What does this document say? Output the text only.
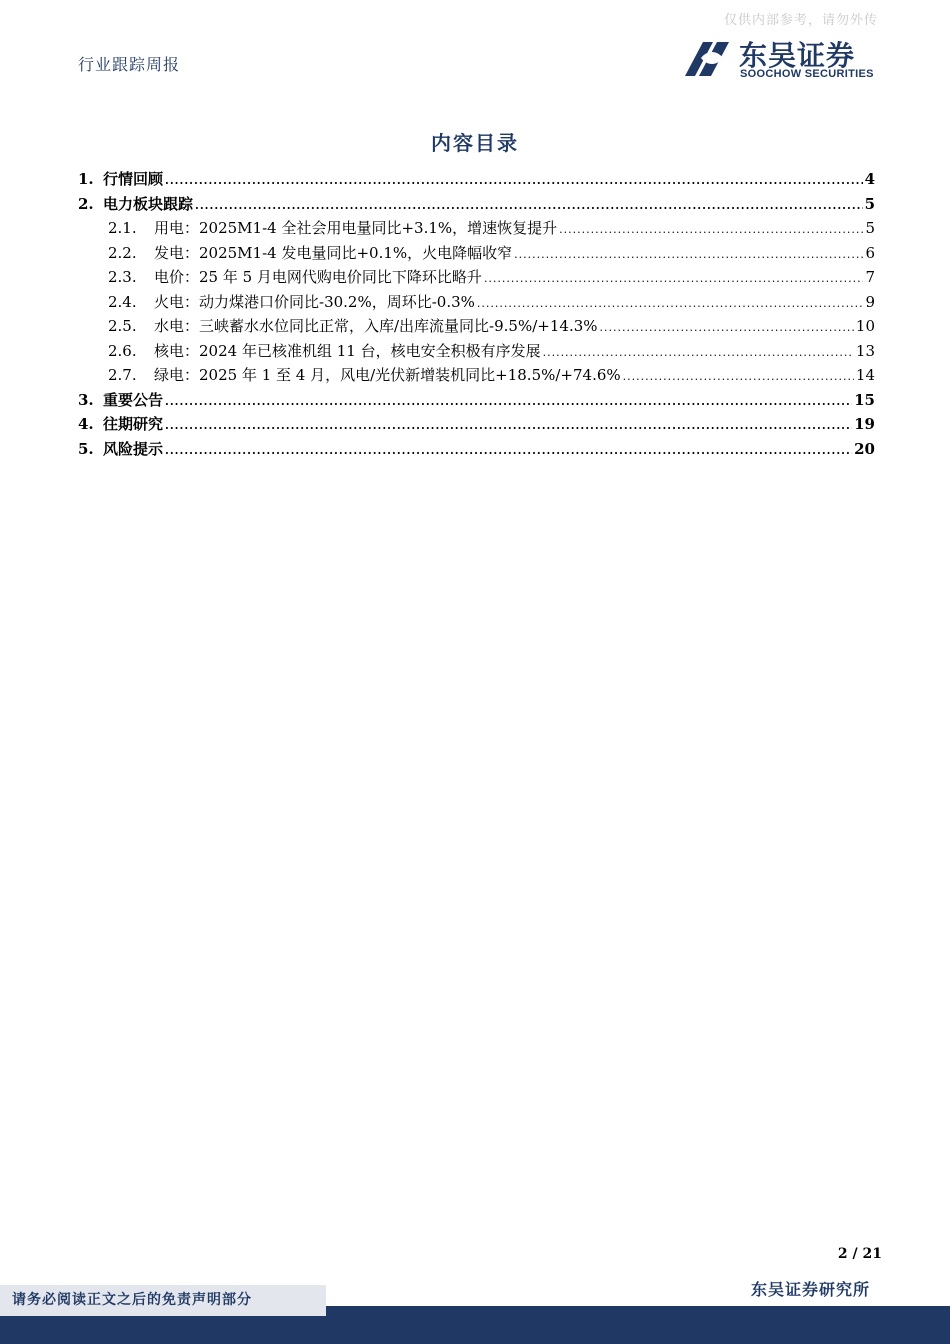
仅供内部参考，请勿外传
行业跟踪周报	东吴证券
SOOCHOW SECURITIES
内容目录
1. 行情回顾 .....	4
2. 电力板块跟踪 .....	5
2.1.	用电：2025M1-4 全社会用电量同比+3.1%，增速恢复提升 .....	5
2.2.	发电：2025M1-4 发电量同比+0.1%，火电降幅收窄 .....	6
2.3.	电价：25 年 5 月电网代购电价同比下降环比略升 .....	7
2.4.	火电：动力煤港口价同比-30.2%，周环比-0.3% .....	9
2.5.	水电：三峡蓄水水位同比正常，入库/出库流量同比-9.5%/+14.3% .....	10
2.6.	核电：2024 年已核准机组 11 台，核电安全积极有序发展 .....	13
2.7.	绿电：2025 年 1 至 4 月，风电/光伏新增装机同比+18.5%/+74.6% .....	14
3. 重要公告 .....	15
4. 往期研究 .....	19
5. 风险提示 .....	20
2 / 21
东吴证券研究所
请务必阅读正文之后的免责声明部分
